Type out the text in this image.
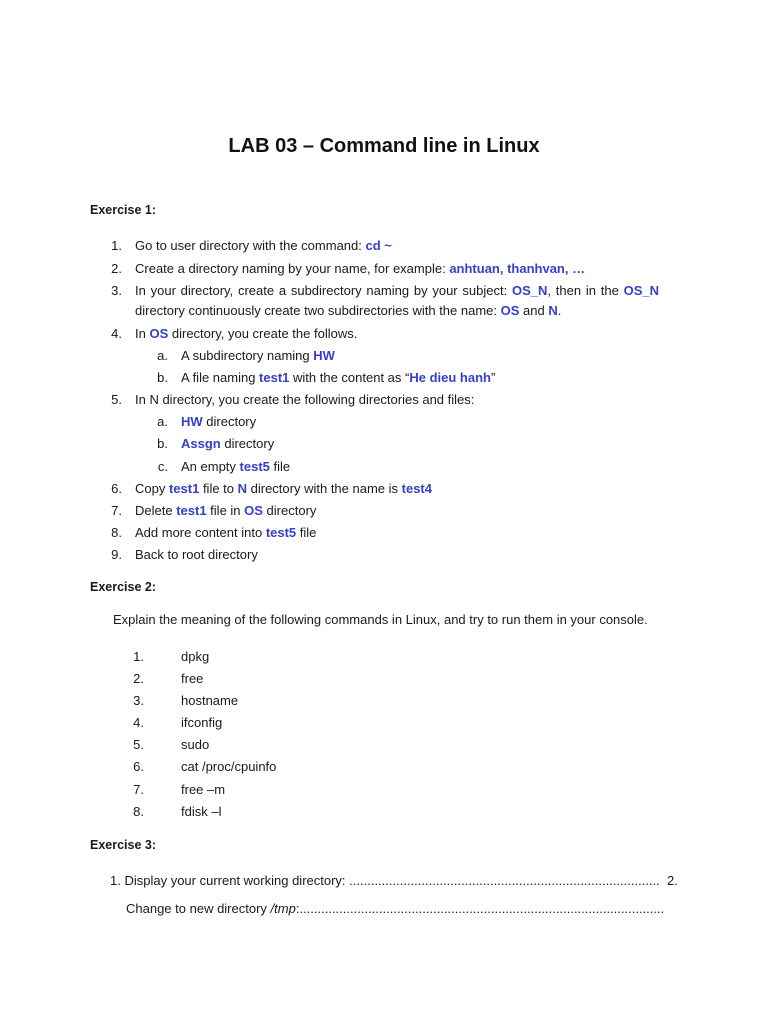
LAB 03 – Command line in Linux
Exercise 1:
1. Go to user directory with the command: cd ~
2. Create a directory naming by your name, for example: anhtuan, thanhvan, …
3. In your directory, create a subdirectory naming by your subject: OS_N, then in the OS_N
directory continuously create two subdirectories with the name: OS and N.
4. In OS directory, you create the follows.
a. A subdirectory naming HW
b. A file naming test1 with the content as “He dieu hanh”
5. In N directory, you create the following directories and files:
a. HW directory
b. Assgn directory
c. An empty test5 file
6. Copy test1 file to N directory with the name is test4
7. Delete test1 file in OS directory
8. Add more content into test5 file
9. Back to root directory
Exercise 2:
Explain the meaning of the following commands in Linux, and try to run them in your console.
1.	dpkg
2.	free
3.	hostname
4.	ifconfig
5.	sudo
6.	cat /proc/cpuinfo
7.	free –m
8.	fdisk –l
Exercise 3:
1. Display your current working directory: ...................................................................................... 2.
Change to new directory /tmp:.....................................................................................................
